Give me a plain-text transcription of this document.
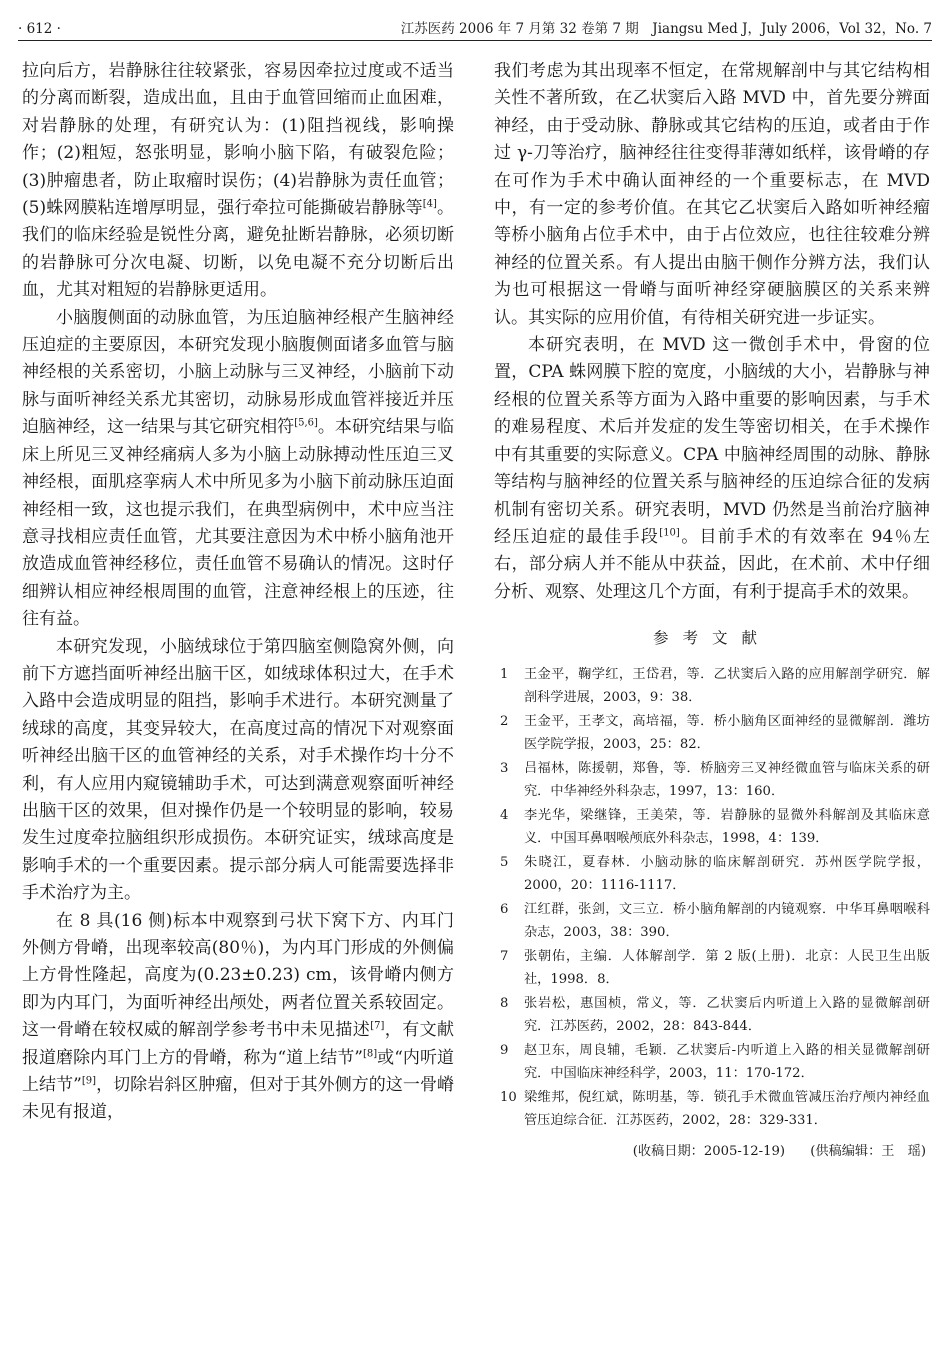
· 612 ·	江苏医药 2006 年 7 月第 32 卷第 7 期　Jiangsu Med J，July 2006，Vol 32，No. 7

拉向后方，岩静脉往往较紧张，容易因牵拉过度或不适当的分离而断裂，造成出血，且由于血管回缩而止血困难，对岩静脉的处理，有研究认为：(1)阻挡视线，影响操作；(2)粗短，怒张明显，影响小脑下陷，有破裂危险；(3)肿瘤患者，防止取瘤时误伤；(4)岩静脉为责任血管；(5)蛛网膜粘连增厚明显，强行牵拉可能撕破岩静脉等[4]。我们的临床经验是锐性分离，避免扯断岩静脉，必须切断的岩静脉可分次电凝、切断，以免电凝不充分切断后出血，尤其对粗短的岩静脉更适用。

小脑腹侧面的动脉血管，为压迫脑神经根产生脑神经压迫症的主要原因，本研究发现小脑腹侧面诸多血管与脑神经根的关系密切，小脑上动脉与三叉神经，小脑前下动脉与面听神经关系尤其密切，动脉易形成血管袢接近并压迫脑神经，这一结果与其它研究相符[5,6]。本研究结果与临床上所见三叉神经痛病人多为小脑上动脉搏动性压迫三叉神经根，面肌痉挛病人术中所见多为小脑下前动脉压迫面神经相一致，这也提示我们，在典型病例中，术中应当注意寻找相应责任血管，尤其要注意因为术中桥小脑角池开放造成血管神经移位，责任血管不易确认的情况。这时仔细辨认相应神经根周围的血管，注意神经根上的压迹，往往有益。

本研究发现，小脑绒球位于第四脑室侧隐窝外侧，向前下方遮挡面听神经出脑干区，如绒球体积过大，在手术入路中会造成明显的阻挡，影响手术进行。本研究测量了绒球的高度，其变异较大，在高度过高的情况下对观察面听神经出脑干区的血管神经的关系，对手术操作均十分不利，有人应用内窥镜辅助手术，可达到满意观察面听神经出脑干区的效果，但对操作仍是一个较明显的影响，较易发生过度牵拉脑组织形成损伤。本研究证实，绒球高度是影响手术的一个重要因素。提示部分病人可能需要选择非手术治疗为主。

在 8 具(16 侧)标本中观察到弓状下窝下方、内耳门外侧方骨嵴，出现率较高(80％)，为内耳门形成的外侧偏上方骨性隆起，高度为(0.23±0.23) cm，该骨嵴内侧方即为内耳门，为面听神经出颅处，两者位置关系较固定。这一骨嵴在较权威的解剖学参考书中未见描述[7]，有文献报道磨除内耳门上方的骨嵴，称为“道上结节”[8]或“内听道上结节”[9]，切除岩斜区肿瘤，但对于其外侧方的这一骨嵴未见有报道，

我们考虑为其出现率不恒定，在常规解剖中与其它结构相关性不著所致，在乙状窦后入路 MVD 中，首先要分辨面神经，由于受动脉、静脉或其它结构的压迫，或者由于作过 γ-刀等治疗，脑神经往往变得菲薄如纸样，该骨嵴的存在可作为手术中确认面神经的一个重要标志，在 MVD 中，有一定的参考价值。在其它乙状窦后入路如听神经瘤等桥小脑角占位手术中，由于占位效应，也往往较难分辨神经的位置关系。有人提出由脑干侧作分辨方法，我们认为也可根据这一骨嵴与面听神经穿硬脑膜区的关系来辨认。其实际的应用价值，有待相关研究进一步证实。

本研究表明，在 MVD 这一微创手术中，骨窗的位置，CPA 蛛网膜下腔的宽度，小脑绒的大小，岩静脉与神经根的位置关系等方面为入路中重要的影响因素，与手术的难易程度、术后并发症的发生等密切相关，在手术操作中有其重要的实际意义。CPA 中脑神经周围的动脉、静脉等结构与脑神经的位置关系与脑神经的压迫综合征的发病机制有密切关系。研究表明，MVD 仍然是当前治疗脑神经压迫症的最佳手段[10]。目前手术的有效率在 94％左右，部分病人并不能从中获益，因此，在术前、术中仔细分析、观察、处理这几个方面，有利于提高手术的效果。

参考文献
1	王金平，鞠学红，王岱君，等．乙状窦后入路的应用解剖学研究．解剖科学进展，2003，9：38．
2	王金平，王孝文，高培福，等．桥小脑角区面神经的显微解剖．潍坊医学院学报，2003，25：82．
3	吕福林，陈援朝，郑鲁，等．桥脑旁三叉神经微血管与临床关系的研究．中华神经外科杂志，1997，13：160．
4	李光华，梁继锋，王美荣，等．岩静脉的显微外科解剖及其临床意义．中国耳鼻咽喉颅底外科杂志，1998，4：139．
5	朱晓江，夏春林．小脑动脉的临床解剖研究．苏州医学院学报，2000，20：1116-1117．
6	江红群，张剑，文三立．桥小脑角解剖的内镜观察．中华耳鼻咽喉科杂志，2003，38：390．
7	张朝佑，主编．人体解剖学．第 2 版(上册)．北京：人民卫生出版社，1998．8．
8	张岩松，惠国桢，常义，等．乙状窦后内听道上入路的显微解剖研究．江苏医药，2002，28：843-844．
9	赵卫东，周良辅，毛颖．乙状窦后-内听道上入路的相关显微解剖研究．中国临床神经科学，2003，11：170-172．
10 梁维邦，倪红斌，陈明基，等．锁孔手术微血管减压治疗颅内神经血管压迫综合征．江苏医药，2002，28：329-331．
(收稿日期：2005-12-19) (供稿编辑：王　瑶)
